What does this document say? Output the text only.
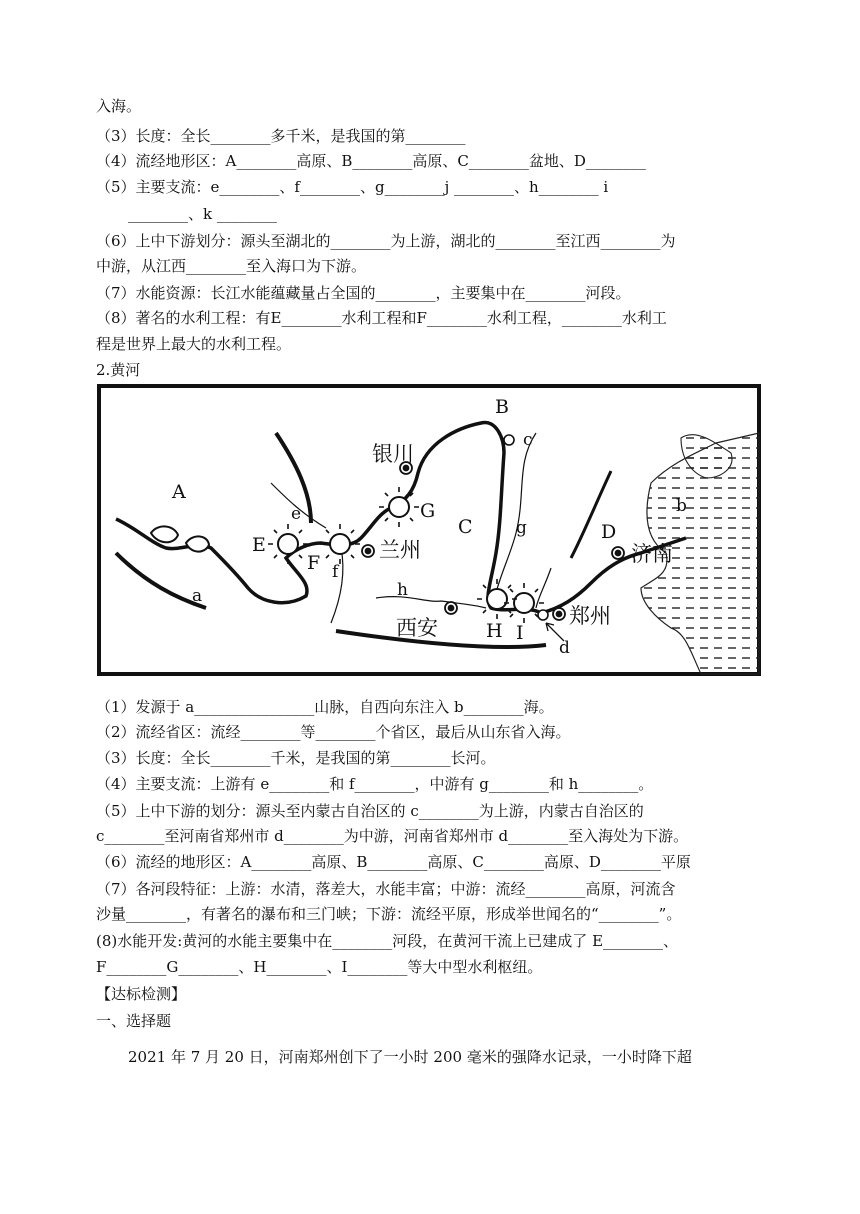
入海。
（3）长度：全长________多千米，是我国的第________
（4）流经地形区：A________高原、B________高原、C________盆地、D________
（5）主要支流：e________、f________、g________j ________、h________ i
________、k ________
（6）上中下游划分：源头至湖北的________为上游，湖北的________至江西________为
中游，从江西________至入海口为下游。
（7）水能资源：长江水能蕴藏量占全国的________，主要集中在________河段。
（8）著名的水利工程：有E________水利工程和F________水利工程，________水利工
程是世界上最大的水利工程。
2.黄河
A
B
C	D
E
F
G
H I
a
b
c
d
e
f
g
h
银川
兰州
西安	郑州
济南
（1）发源于 a________________山脉，自西向东注入 b________海。
（2）流经省区：流经________等________个省区，最后从山东省入海。
（3）长度：全长________千米，是我国的第________长河。
（4）主要支流：上游有 e________和 f________，中游有 g________和 h________。
（5）上中下游的划分：源头至内蒙古自治区的 c________为上游，内蒙古自治区的
c________至河南省郑州市 d________为中游，河南省郑州市 d________至入海处为下游。
（6）流经的地形区：A________高原、B________高原、C________高原、D________平原
（7）各河段特征：上游：水清，落差大，水能丰富；中游：流经________高原，河流含
沙量________，有著名的瀑布和三门峡；下游：流经平原，形成举世闻名的“________”。
(8)水能开发:黄河的水能主要集中在________河段，在黄河干流上已建成了 E________、
F________G________、H________、I________等大中型水利枢纽。
【达标检测】
一、选择题
2021 年 7 月 20 日，河南郑州创下了一小时 200 毫米的强降水记录，一小时降下超
